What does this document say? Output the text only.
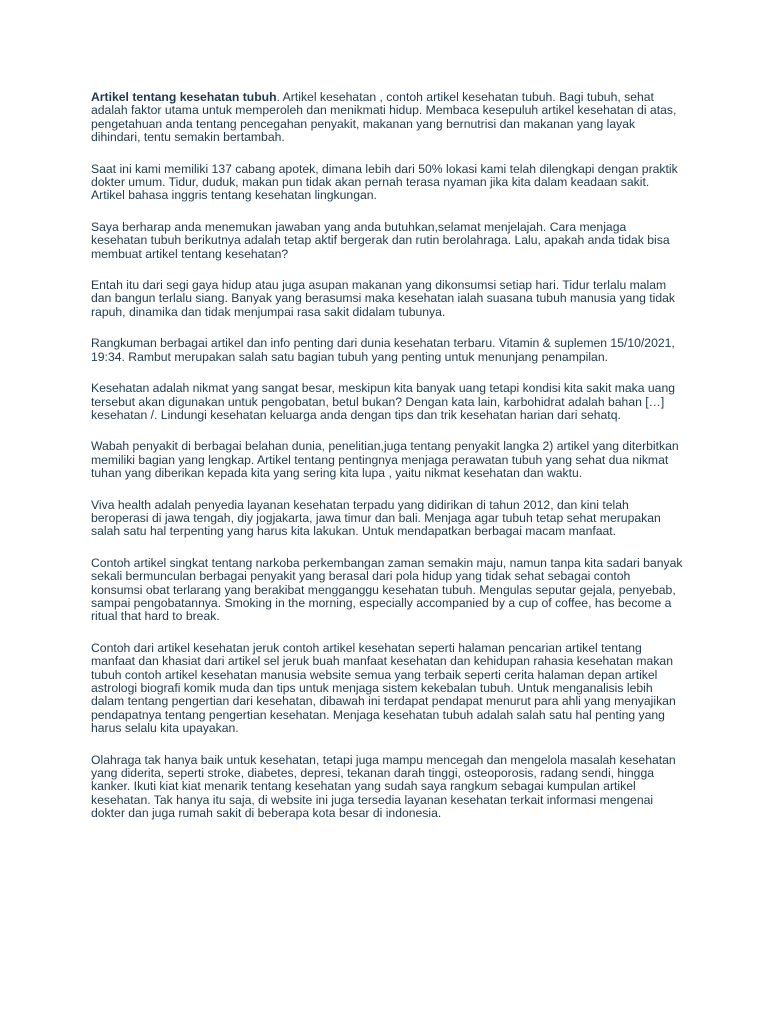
Artikel tentang kesehatan tubuh. Artikel kesehatan , contoh artikel kesehatan tubuh. Bagi tubuh, sehat adalah faktor utama untuk memperoleh dan menikmati hidup. Membaca kesepuluh artikel kesehatan di atas, pengetahuan anda tentang pencegahan penyakit, makanan yang bernutrisi dan makanan yang layak dihindari, tentu semakin bertambah.

Saat ini kami memiliki 137 cabang apotek, dimana lebih dari 50% lokasi kami telah dilengkapi dengan praktik dokter umum. Tidur, duduk, makan pun tidak akan pernah terasa nyaman jika kita dalam keadaan sakit. Artikel bahasa inggris tentang kesehatan lingkungan.

Saya berharap anda menemukan jawaban yang anda butuhkan,selamat menjelajah. Cara menjaga kesehatan tubuh berikutnya adalah tetap aktif bergerak dan rutin berolahraga. Lalu, apakah anda tidak bisa membuat artikel tentang kesehatan?

Entah itu dari segi gaya hidup atau juga asupan makanan yang dikonsumsi setiap hari. Tidur terlalu malam dan bangun terlalu siang. Banyak yang berasumsi maka kesehatan ialah suasana tubuh manusia yang tidak rapuh, dinamika dan tidak menjumpai rasa sakit didalam tubunya.

Rangkuman berbagai artikel dan info penting dari dunia kesehatan terbaru. Vitamin & suplemen 15/10/2021, 19:34. Rambut merupakan salah satu bagian tubuh yang penting untuk menunjang penampilan.

Kesehatan adalah nikmat yang sangat besar, meskipun kita banyak uang tetapi kondisi kita sakit maka uang tersebut akan digunakan untuk pengobatan, betul bukan? Dengan kata lain, karbohidrat adalah bahan […] kesehatan /. Lindungi kesehatan keluarga anda dengan tips dan trik kesehatan harian dari sehatq.

Wabah penyakit di berbagai belahan dunia, penelitian,juga tentang penyakit langka 2) artikel yang diterbitkan memiliki bagian yang lengkap. Artikel tentang pentingnya menjaga perawatan tubuh yang sehat dua nikmat tuhan yang diberikan kepada kita yang sering kita lupa , yaitu nikmat kesehatan dan waktu.

Viva health adalah penyedia layanan kesehatan terpadu yang didirikan di tahun 2012, dan kini telah beroperasi di jawa tengah, diy jogjakarta, jawa timur dan bali. Menjaga agar tubuh tetap sehat merupakan salah satu hal terpenting yang harus kita lakukan. Untuk mendapatkan berbagai macam manfaat.

Contoh artikel singkat tentang narkoba perkembangan zaman semakin maju, namun tanpa kita sadari banyak sekali bermunculan berbagai penyakit yang berasal dari pola hidup yang tidak sehat sebagai contoh konsumsi obat terlarang yang berakibat mengganggu kesehatan tubuh. Mengulas seputar gejala, penyebab, sampai pengobatannya. Smoking in the morning, especially accompanied by a cup of coffee, has become a ritual that hard to break.

Contoh dari artikel kesehatan jeruk contoh artikel kesehatan seperti halaman pencarian artikel tentang manfaat dan khasiat dari artikel sel jeruk buah manfaat kesehatan dan kehidupan rahasia kesehatan makan tubuh contoh artikel kesehatan manusia website semua yang terbaik seperti cerita halaman depan artikel astrologi biografi komik muda dan tips untuk menjaga sistem kekebalan tubuh. Untuk menganalisis lebih dalam tentang pengertian dari kesehatan, dibawah ini terdapat pendapat menurut para ahli yang menyajikan pendapatnya tentang pengertian kesehatan. Menjaga kesehatan tubuh adalah salah satu hal penting yang harus selalu kita upayakan.

Olahraga tak hanya baik untuk kesehatan, tetapi juga mampu mencegah dan mengelola masalah kesehatan yang diderita, seperti stroke, diabetes, depresi, tekanan darah tinggi, osteoporosis, radang sendi, hingga kanker. Ikuti kiat kiat menarik tentang kesehatan yang sudah saya rangkum sebagai kumpulan artikel kesehatan. Tak hanya itu saja, di website ini juga tersedia layanan kesehatan terkait informasi mengenai dokter dan juga rumah sakit di beberapa kota besar di indonesia.
